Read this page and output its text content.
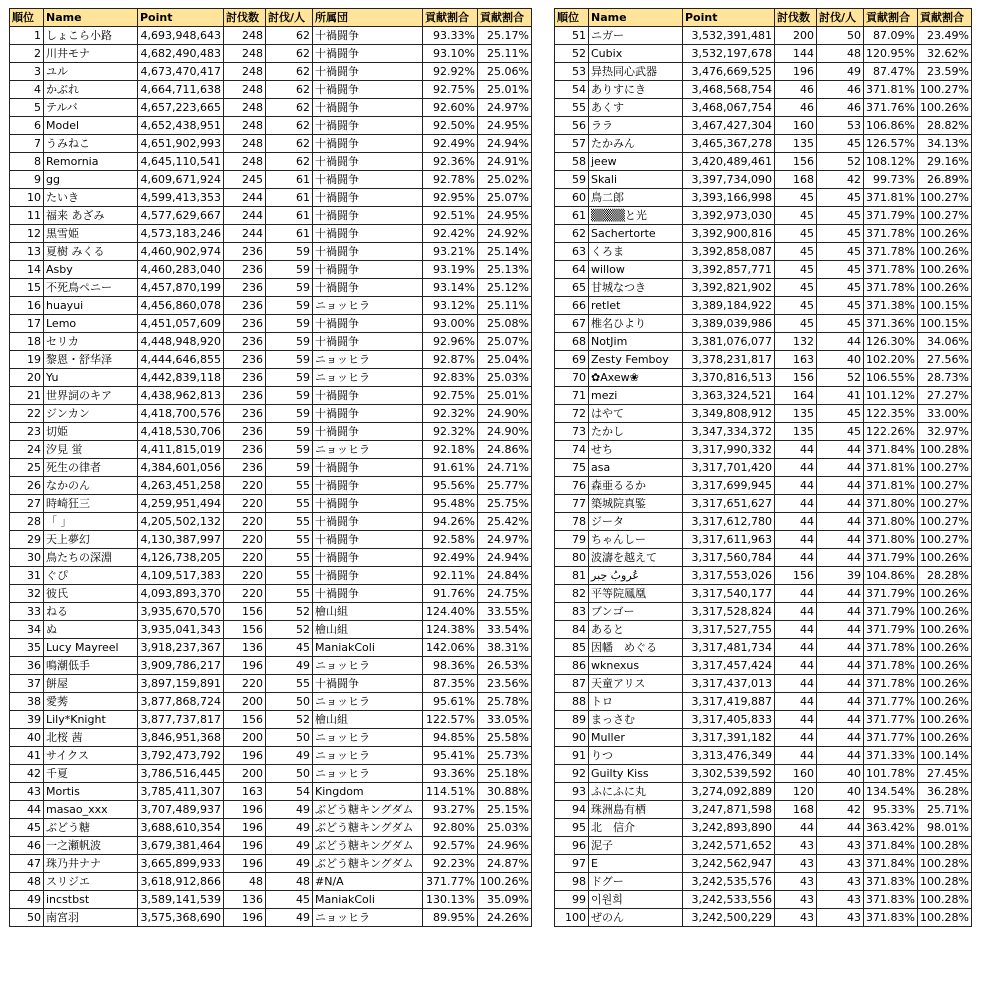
順位	Name	Point	討伐数	討伐/人	所属団	貢献割合	貢献割合
1	しょこら小路	4,693,948,643	248	62	十禍闘争	93.33%	25.17%
2	川井モナ	4,682,490,483	248	62	十禍闘争	93.10%	25.11%
3	ユル	4,673,470,417	248	62	十禍闘争	92.92%	25.06%
4	かぶれ	4,664,711,638	248	62	十禍闘争	92.75%	25.01%
5	テルバ	4,657,223,665	248	62	十禍闘争	92.60%	24.97%
6	Model	4,652,438,951	248	62	十禍闘争	92.50%	24.95%
7	うみねこ	4,651,902,993	248	62	十禍闘争	92.49%	24.94%
8	Remornia	4,645,110,541	248	62	十禍闘争	92.36%	24.91%
9	gg	4,609,671,924	245	61	十禍闘争	92.78%	25.02%
10	たいき	4,599,413,353	244	61	十禍闘争	92.95%	25.07%
11	福来 あざみ	4,577,629,667	244	61	十禍闘争	92.51%	24.95%
12	黒雪姫	4,573,183,246	244	61	十禍闘争	92.42%	24.92%
13	夏樹 みくる	4,460,902,974	236	59	十禍闘争	93.21%	25.14%
14	Asby	4,460,283,040	236	59	十禍闘争	93.19%	25.13%
15	不死鳥ペニー	4,457,870,199	236	59	十禍闘争	93.14%	25.12%
16	huayui	4,456,860,078	236	59	ニョッヒラ	93.12%	25.11%
17	Lemo	4,451,057,609	236	59	十禍闘争	93.00%	25.08%
18	セリカ	4,448,948,920	236	59	十禍闘争	92.96%	25.07%
19	黎恩・舒华泽	4,444,646,855	236	59	ニョッヒラ	92.87%	25.04%
20	Yu	4,442,839,118	236	59	ニョッヒラ	92.83%	25.03%
21	世界詞のキア	4,438,962,813	236	59	十禍闘争	92.75%	25.01%
22	ジンカン	4,418,700,576	236	59	十禍闘争	92.32%	24.90%
23	切姫	4,418,530,706	236	59	十禍闘争	92.32%	24.90%
24	汐見 蛍	4,411,815,019	236	59	ニョッヒラ	92.18%	24.86%
25	死生の律者	4,384,601,056	236	59	十禍闘争	91.61%	24.71%
26	なかのん	4,263,451,258	220	55	十禍闘争	95.56%	25.77%
27	時崎狂三	4,259,951,494	220	55	十禍闘争	95.48%	25.75%
28	「 」	4,205,502,132	220	55	十禍闘争	94.26%	25.42%
29	天上夢幻	4,130,387,997	220	55	十禍闘争	92.58%	24.97%
30	鳥たちの深淵	4,126,738,205	220	55	十禍闘争	92.49%	24.94%
31	ぐぴ	4,109,517,383	220	55	十禍闘争	92.11%	24.84%
32	彼氏	4,093,893,370	220	55	十禍闘争	91.76%	24.75%
33	ねる	3,935,670,570	156	52	檜山組	124.40%	33.55%
34	ぬ	3,935,041,343	156	52	檜山組	124.38%	33.54%
35	Lucy Mayreel	3,918,237,367	136	45	ManiakColi	142.06%	38.31%
36	鳴潮低手	3,909,786,217	196	49	ニョッヒラ	98.36%	26.53%
37	餅屋	3,897,159,891	220	55	十禍闘争	87.35%	23.56%
38	愛莠	3,877,868,724	200	50	ニョッヒラ	95.61%	25.78%
39	Lily*Knight	3,877,737,817	156	52	檜山組	122.57%	33.05%
40	北桜 茜	3,846,951,368	200	50	ニョッヒラ	94.85%	25.58%
41	サイクス	3,792,473,792	196	49	ニョッヒラ	95.41%	25.73%
42	千夏	3,786,516,445	200	50	ニョッヒラ	93.36%	25.18%
43	Mortis	3,785,411,307	163	54	Kingdom	114.51%	30.88%
44	masao_xxx	3,707,489,937	196	49	ぶどう糖キングダム	93.27%	25.15%
45	ぶどう糖	3,688,610,354	196	49	ぶどう糖キングダム	92.80%	25.03%
46	一之瀬帆波	3,679,381,464	196	49	ぶどう糖キングダム	92.57%	24.96%
47	珠乃井ナナ	3,665,899,933	196	49	ぶどう糖キングダム	92.23%	24.87%
48	スリジエ	3,618,912,866	48	48	#N/A	371.77%	100.26%
49	incstbst	3,589,141,539	136	45	ManiakColi	130.13%	35.09%
50	南宮羽	3,575,368,690	196	49	ニョッヒラ	89.95%	24.26%
順位	Name	Point	討伐数	討伐/人	貢献割合	貢献割合
51	ニガー	3,532,391,481	200	50	87.09%	23.49%
52	Cubix	3,532,197,678	144	48	120.95%	32.62%
53	异热同心武器	3,476,669,525	196	49	87.47%	23.59%
54	ありすにき	3,468,568,754	46	46	371.81%	100.27%
55	あくす	3,468,067,754	46	46	371.76%	100.26%
56	ララ	3,467,427,304	160	53	106.86%	28.82%
57	たかみん	3,465,367,278	135	45	126.57%	34.13%
58	jeew	3,420,489,461	156	52	108.12%	29.16%
59	Skali	3,397,734,090	168	42	99.73%	26.89%
60	鳥二郎	3,393,166,998	45	45	371.81%	100.27%
61	▒▒▒▒と光	3,392,973,030	45	45	371.79%	100.27%
62	Sachertorte	3,392,900,816	45	45	371.78%	100.26%
63	くろま	3,392,858,087	45	45	371.78%	100.26%
64	willow	3,392,857,771	45	45	371.78%	100.26%
65	甘城なつき	3,392,821,902	45	45	371.78%	100.26%
66	retlet	3,389,184,922	45	45	371.38%	100.15%
67	椎名ひより	3,389,039,986	45	45	371.36%	100.15%
68	NotJim	3,381,076,077	132	44	126.30%	34.06%
69	Zesty Femboy	3,378,231,817	163	40	102.20%	27.56%
70	✿Axew❀	3,370,816,513	156	52	106.55%	28.73%
71	mezi	3,363,324,521	164	41	101.12%	27.27%
72	はやて	3,349,808,912	135	45	122.35%	33.00%
73	たかし	3,347,334,372	135	45	122.26%	32.97%
74	せち	3,317,990,332	44	44	371.84%	100.28%
75	asa	3,317,701,420	44	44	371.81%	100.27%
76	森亜るるか	3,317,699,945	44	44	371.81%	100.27%
77	築城院真鍳	3,317,651,627	44	44	371.80%	100.27%
78	ジータ	3,317,612,780	44	44	371.80%	100.27%
79	ちゃんしー	3,317,611,963	44	44	371.80%	100.27%
80	波濤を越えて	3,317,560,784	44	44	371.79%	100.26%
81	عُروبُ حِبر	3,317,553,026	156	39	104.86%	28.28%
82	平等院鳳凰	3,317,540,177	44	44	371.79%	100.26%
83	ブンゴー	3,317,528,824	44	44	371.79%	100.26%
84	あると	3,317,527,755	44	44	371.79%	100.26%
85	因幡　めぐる	3,317,481,734	44	44	371.78%	100.26%
86	wknexus	3,317,457,424	44	44	371.78%	100.26%
87	天童アリス	3,317,437,013	44	44	371.78%	100.26%
88	トロ	3,317,419,887	44	44	371.77%	100.26%
89	まっさむ	3,317,405,833	44	44	371.77%	100.26%
90	Muller	3,317,391,182	44	44	371.77%	100.26%
91	りつ	3,313,476,349	44	44	371.33%	100.14%
92	Guilty Kiss	3,302,539,592	160	40	101.78%	27.45%
93	ふにふに丸	3,274,092,889	120	40	134.54%	36.28%
94	珠洲島有栖	3,247,871,598	168	42	95.33%	25.71%
95	北　信介	3,242,893,890	44	44	363.42%	98.01%
96	泥子	3,242,571,652	43	43	371.84%	100.28%
97	E	3,242,562,947	43	43	371.84%	100.28%
98	ドグー	3,242,535,576	43	43	371.83%	100.28%
99	이원희	3,242,533,556	43	43	371.83%	100.28%
100	ぜのん	3,242,500,229	43	43	371.83%	100.28%
